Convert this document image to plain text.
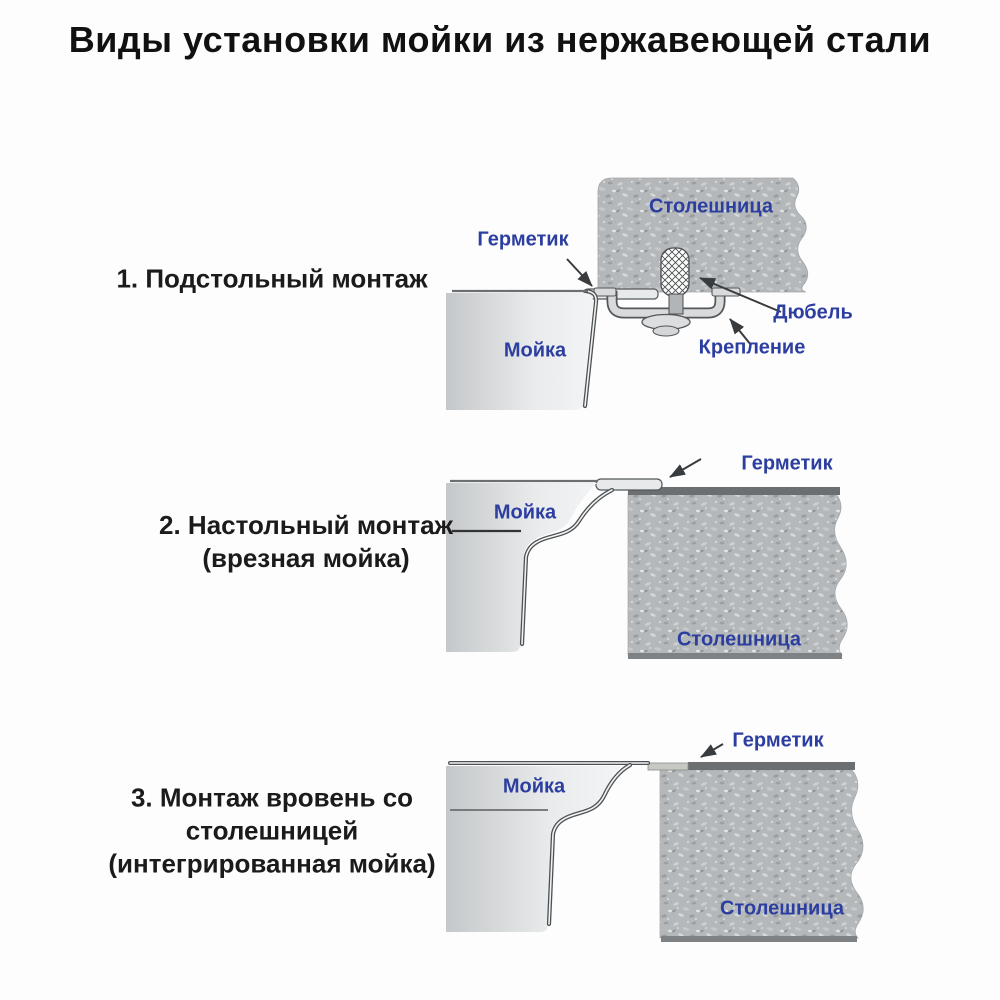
Виды установки мойки из нержавеющей стали
1. Подстольный монтаж
2. Настольный монтаж
(врезная мойка)
3. Монтаж вровень со
столешницей
(интегрированная мойка)
Герметик
Столешница
Мойка
Дюбель
Крепление
Мойка
Герметик
Столешница
Мойка
Герметик
Столешница
